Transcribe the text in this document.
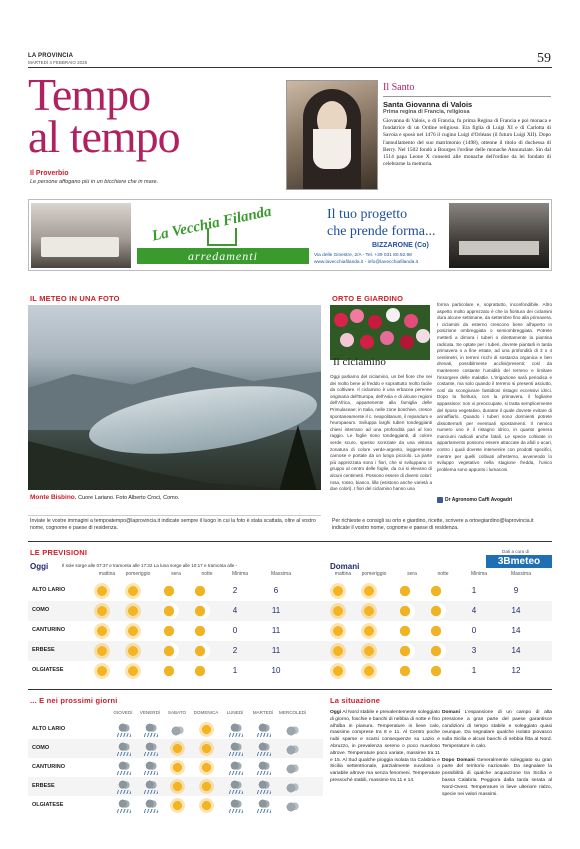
LA PROVINCIA
MARTEDÌ 4 FEBBRAIO 2025	59
Tempo
al tempo
Il Proverbio
Le persone affogano più in un bicchiere che in mare.
Il Santo
Santa Giovanna di Valois
Prima regina di Francia, religiosa
Giovanna di Valois, o di Francia, fu prima Regina di Francia e poi monaca e fondatrice di un Ordine religioso. Era figlia di Luigi XI e di Carlotta di Savoia e sposò nel 1476 il cugino Luigi d'Orléans (il futuro Luigi XII). Dopo l'annullamento del suo matrimonio (1498), ottenne il titolo di duchessa di Berry. Nel 1502 fondò a Bourges l'ordine delle monache Annunziate. Sin dal 1514 papa Leone X consentì alle monache dell'ordine da lei fondato di celebrarne la memoria.
La Vecchia Filanda
arredamenti
Il tuo progetto
che prende forma...
BIZZARONE (Co)
Via delle Ginestre, 2/A - Tel. +39 031 80.92.98
www.lavecchiafilanda.it - info@lavecchiafilanda.it
IL METEO IN UNA FOTO
Monte Bisbino. Cuore Lariano. Foto Alberto Croci, Como.
Inviate le vostre immagini a tempoatempo@laprovincia.it indicate sempre il luogo in cui la foto è stata scattata, oltre al vostro nome, cognome e paese di residenza.
ORTO E GIARDINO
Il ciclamino
Oggi parliamo del ciclamino, un bel fiore che nei dei molto bene al freddo e soprattutto molto facile da coltivare. Il ciclamino è una erbacea perenne originaria dell'Europa, dell'Asia e di alcune regioni dell'Africa, appartenente alla famiglia delle Primulaceae; in Italia, nelle zone boschive, cresce spontaneamente il c. neapolitanum, il repandum e l'europaeum. Sviluppa larghi tuberi tondeggianti chiesi interrano ad una profondità pari al loro raggio. Le foglie sono tondeggianti, di colore verde scuro, spesso screziate da una vistosa zonatura di colore verde-argento, leggermente carnose e portate da un lungo picciolo. La parte più apprezzata sono i fiori, che si sviluppano in gruppo al centro delle foglie, da cui si elevano di alcuni centimetri. Possono essere di diversi colori: rosa, rosso, bianco, lilla (esistono anche varietà a due colori). I fiori del ciclamino hanno una
forma particolare e, soprattutto, inconfondibile. Altro aspetto molto apprezzato è che la fioritura dei ciclamini dura alcune settimane, da settembre fino alla primavera. I ciclamini da esterno crescono bene all'aperto in posizione ombreggiata o semiombreggiata. Potrete metterli a dimora i tuberi o direttamente la piantina radicata. Se optate per i tuberi, dovrete piantarli in tarda primavera o a fine estate, ad una profondità di 3 o 4 centimetri, in terreni ricchi di sostanza organica e ben drenati, possibilmente acclivi/presenti; così da mantenere costante l'umidità del terreno e limitare l'insorgere delle malattie. L'irrigazione sarà periodica e costante, ma solo quando il terreno si presenti asciutto, così da scongiurare fastidiosi ristagni eccessivi idrici. Dopo la fioritura, con la primavera, il fogliame appassisce: non vi preoccupate, si tratta semplicemente del riposo vegetativo, durante il quale dovrete evitare di annaffiarlo. Quando i tuberi sono dormienti potrete dissotterrarli per eventuali spostamenti. Il nemico numero uno è il ristagno idrico, in quanto genera marciumi radicali anche fatali. Le specie coltivate in appartamento possono essere attaccate da afidi o acari, contro i quali dovrete intervenire con prodotti specifici, mentre per quelli coltivati all'esterno, avvenendo lo sviluppo vegetativo nella stagione fredda, l'unico problema sono appunto i lumaconi.
Dr Agronomo Caffi Avogadri
Per richieste e consigli su orto e giardino, ricette, scrivere a ortoegiardino@laprovincia.it indicate il vostro nome, cognome e paese di residenza.
LE PREVISIONI	Dati a cura di
3Bmeteo
Oggi	Il sole sorge alle 07:37 e tramonta alle 17:32 La luna sorge alle 10:17 e tramonta alle -	Domani
mattina	pomeriggio	sera	notte	Minima	Massima	mattina	pomeriggio	sera	notte	Minima	Massima
ALTO LARIO	2	6	1	9
COMO	4	11	4	14
CANTURINO	0	11	0	14
ERBESE	2	11	3	14
OLGIATESE	1	10	1	12
... E nei prossimi giorni
GIOVEDì	VENERDì	SABATO	DOMENICA	LUNEDì	MARTEDì	MERCOLEDì
ALTO LARIO
COMO
CANTURINO
ERBESE
OLGIATESE
La situazione
Oggi Al Nord stabile e prevalentemente soleggiato di giorno, foschie e banchi di nebbia di notte e fino all'alba in pianura. Temperature in lieve calo, massime comprese tra 8 e 11. Al Centro poche nubi sparse e scarsi consequenze su Lazio e Abruzzo, in prevalenza sereno o poco nuvoloso altrove. Temperature poco variate, massime tra 11 e 15. Al Sud qualche pioggia isolata tra Calabria e Sicilia settentrionale, parzialmente nuvoloso o variabile altrove ma senza fenomeni. Temperature pressoché stabili, massime tra 11 e 14.
Domani L'espansione di un campo di alta pressione a gran parte del paese garantisce condizioni di tempo stabile e soleggiato quasi ovunque. Da segnalare qualche isolato piovasco sulla Sicilia e alcuni banchi di nebbia fitta al Nord. Temperature in calo.

Dopo Domani Generalmente soleggiato su gran parte del territorio nazionale. Da segnalare la possibilità di qualche acquazzone tra Sicilia e bassa Calabria. Peggiora dalla tarda serata al Nord-Ovest. Temperature in lieve ulteriore rialzo, specie nei valori massimi.
